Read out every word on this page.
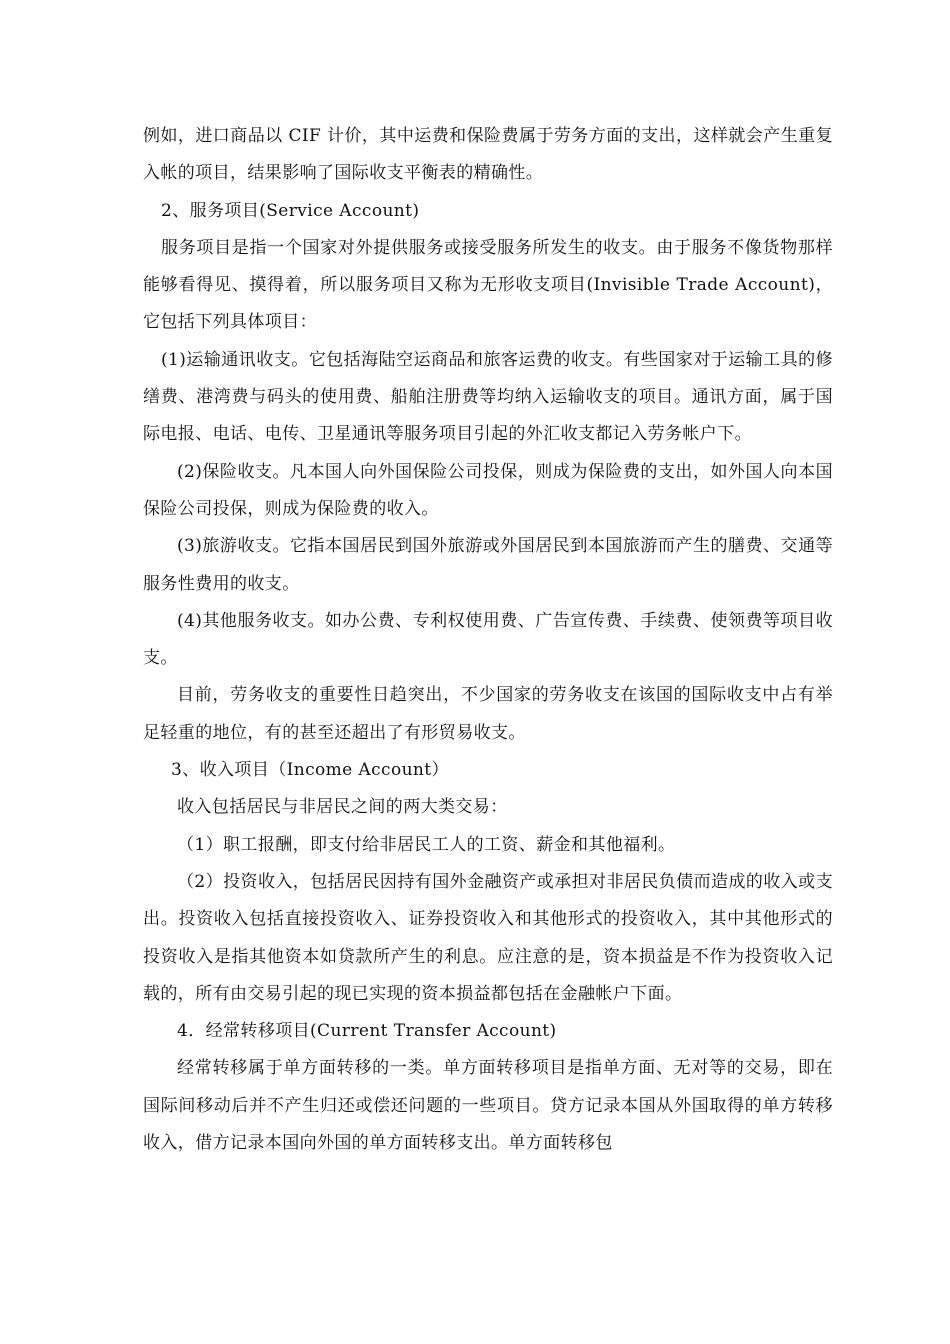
例如，进口商品以 CIF 计价，其中运费和保险费属于劳务方面的支出，这样就会产生重复入帐的项目，结果影响了国际收支平衡表的精确性。

2、服务项目(Service Account)

服务项目是指一个国家对外提供服务或接受服务所发生的收支。由于服务不像货物那样能够看得见、摸得着，所以服务项目又称为无形收支项目(Invisible Trade Account)，它包括下列具体项目：

(1)运输通讯收支。它包括海陆空运商品和旅客运费的收支。有些国家对于运输工具的修缮费、港湾费与码头的使用费、船舶注册费等均纳入运输收支的项目。通讯方面，属于国际电报、电话、电传、卫星通讯等服务项目引起的外汇收支都记入劳务帐户下。

(2)保险收支。凡本国人向外国保险公司投保，则成为保险费的支出，如外国人向本国保险公司投保，则成为保险费的收入。

(3)旅游收支。它指本国居民到国外旅游或外国居民到本国旅游而产生的膳费、交通等服务性费用的收支。

(4)其他服务收支。如办公费、专利权使用费、广告宣传费、手续费、使领费等项目收支。

目前，劳务收支的重要性日趋突出，不少国家的劳务收支在该国的国际收支中占有举足轻重的地位，有的甚至还超出了有形贸易收支。

3、收入项目（Income Account）

收入包括居民与非居民之间的两大类交易：

（1）职工报酬，即支付给非居民工人的工资、薪金和其他福利。

（2）投资收入，包括居民因持有国外金融资产或承担对非居民负债而造成的收入或支出。投资收入包括直接投资收入、证券投资收入和其他形式的投资收入，其中其他形式的投资收入是指其他资本如贷款所产生的利息。应注意的是，资本损益是不作为投资收入记载的，所有由交易引起的现已实现的资本损益都包括在金融帐户下面。

4．经常转移项目(Current Transfer Account)

经常转移属于单方面转移的一类。单方面转移项目是指单方面、无对等的交易，即在国际间移动后并不产生归还或偿还问题的一些项目。贷方记录本国从外国取得的单方转移收入，借方记录本国向外国的单方面转移支出。单方面转移包
